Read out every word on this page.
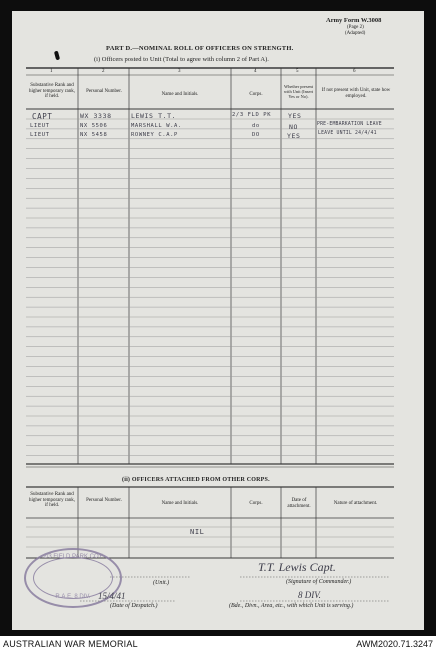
Army Form W.3008
(Page 2)
(Adapted)
PART D.—NOMINAL ROLL OF OFFICERS ON STRENGTH.
(i) Officers posted to Unit (Total to agree with column 2 of Part A).
1	2	3	4	5	6
Substantive Rank and higher temporary rank, if held.
Personal Number.
Name and Initials.	Corps.
Whether present with Unit (Insert Yes or No).
If not present with Unit, state how employed.
CAPT	WX 3338	LEWIS T.T.	2/3 FLD PK	YES
LIEUT	NX 5506	MARSHALL W.A.	do	NO	PRE-EMBARKATION LEAVE
LIEUT	NX 5458	ROWNEY C.A.P	DO	YES	LEAVE UNTIL 24/4/41
(ii) OFFICERS ATTACHED FROM OTHER CORPS.
Substantive Rank and higher temporary rank, if held.
Personal Number.
Name and Initials.	Corps.
Date of attachment.
Nature of attachment.
NIL
2/3 FIELD PARK COY
R.A.E. 8 DIV.
T.T. Lewis Capt.
(Unit.)	(Signature of Commander.)
15/4/41	8 DIV.
(Date of Despatch.)	(Bde., Divn., Area, etc., with which Unit is serving.)
AUSTRALIAN WAR MEMORIAL	AWM2020.71.3247
